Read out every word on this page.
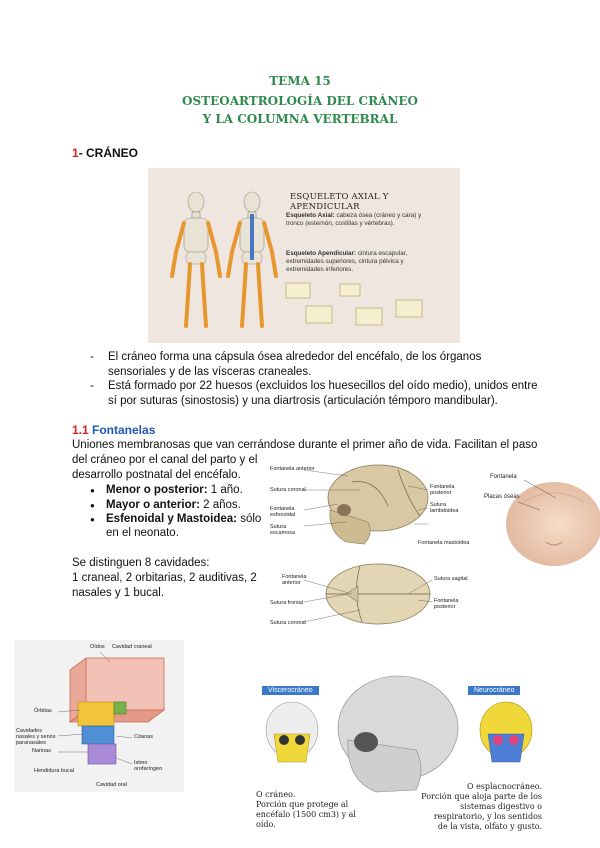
TEMA 15
OSTEOARTROLOGÍA DEL CRÁNEO
Y LA COLUMNA VERTEBRAL
1- CRÁNEO
ESQUELETO AXIAL Y APENDICULAR
Esqueleto Axial: cabeza ósea (cráneo y cara) y tronco (esternón, costillas y vértebras).
Esqueleto Apendicular: cintura escapular, extremidades superiores, cintura pélvica y extremidades inferiores.
- El cráneo forma una cápsula ósea alrededor del encéfalo, de los órganos sensoriales y de las vísceras craneales.
- Está formado por 22 huesos (excluidos los huesecillos del oído medio), unidos entre sí por suturas (sinostosis) y una diartrosis (articulación témporo mandibular).
1.1 Fontanelas
Uniones membranosas que van cerrándose durante el primer año de vida. Facilitan el paso
del cráneo por el canal del parto y el
desarrollo postnatal del encéfalo.
● Menor o posterior: 1 año.
● Mayor o anterior: 2 años.
● Esfenoidal y Mastoidea: sólo
en el neonato.
Se distinguen 8 cavidades:
1 craneal, 2 orbitarias, 2 auditivas, 2
nasales y 1 bucal.
Fontanela anterior
Sutura coronal
Fontanela esfenoidal
Sutura escamosa
Fontanela posterior
Sutura lambdoidea
Fontanela mastoidea
Fontanela anterior
Sutura frontal
Sutura coronal
Sutura sagital
Fontanela posterior
Fontanela
Placas óseas
Oídos Cavidad craneal
Órbitas
Cavidades nasales y senos paranasales
Narinas
Hendidura bucal
Cóanas
Istmo orofaríngeo
Cavidad oral
Viscerocráneo	Neurocráneo
O cráneo.
Porción que protege al
encéfalo (1500 cm3) y al
oído.
O esplacnocráneo.
Porción que aloja parte de los
sistemas digestivo o
respiratorio, y los sentidos
de la vista, olfato y gusto.
